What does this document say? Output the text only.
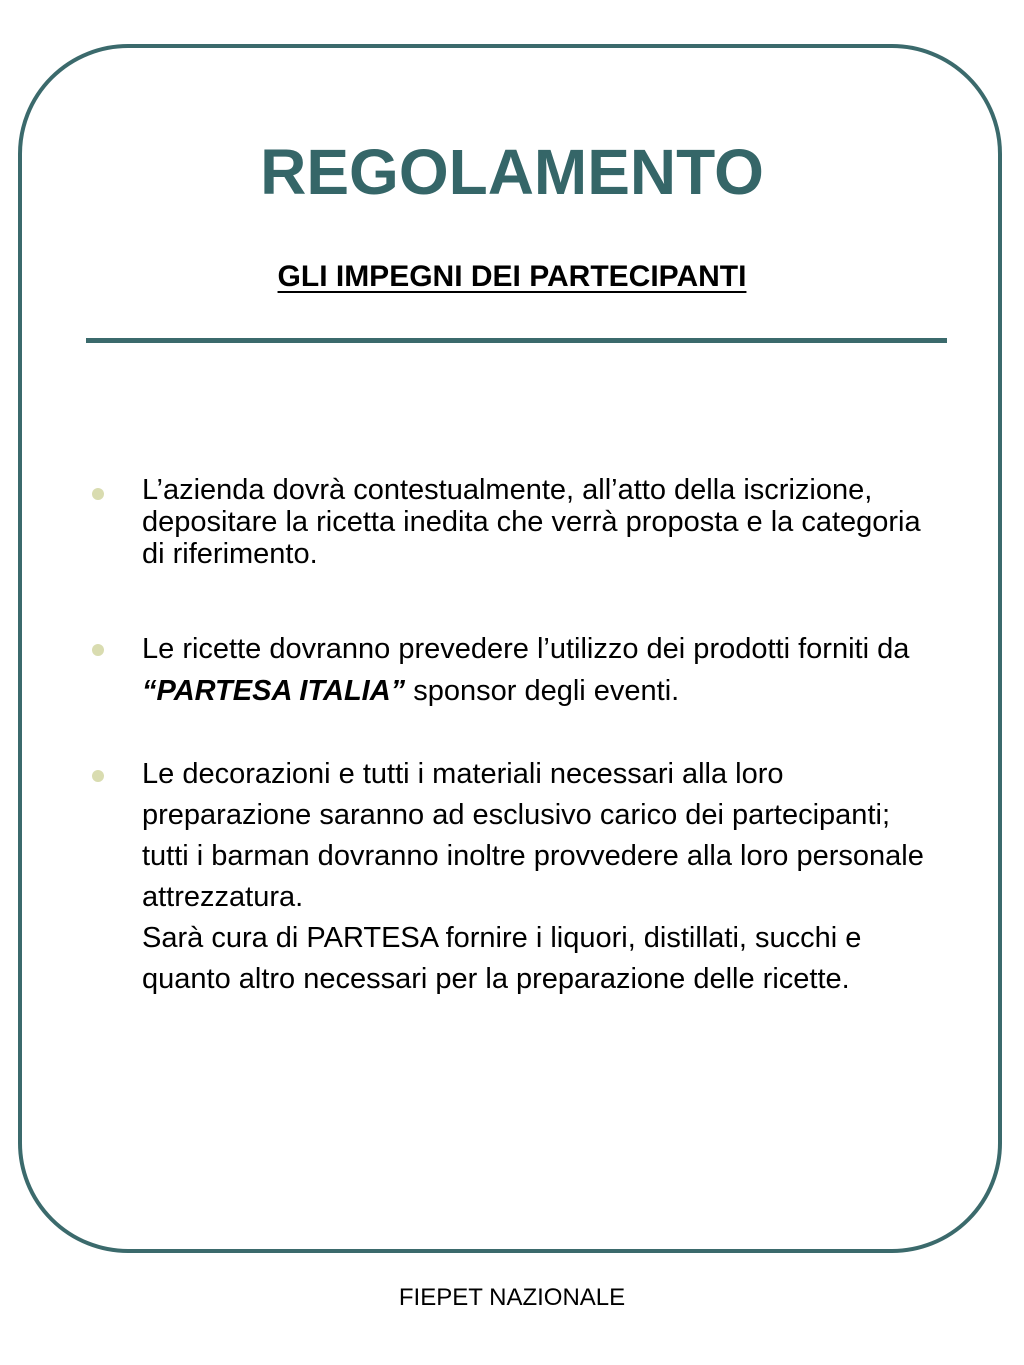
REGOLAMENTO
GLI IMPEGNI DEI PARTECIPANTI
L’azienda dovrà contestualmente, all’atto della iscrizione, depositare la ricetta inedita che verrà proposta e la categoria di riferimento.
Le ricette dovranno prevedere l’utilizzo dei prodotti forniti da “PARTESA ITALIA” sponsor degli eventi.
Le decorazioni e tutti i materiali necessari alla loro preparazione saranno ad esclusivo carico dei partecipanti; tutti i barman dovranno inoltre provvedere alla loro personale attrezzatura.
Sarà cura di PARTESA fornire i liquori, distillati, succhi e quanto altro necessari per la preparazione delle ricette.
FIEPET NAZIONALE
